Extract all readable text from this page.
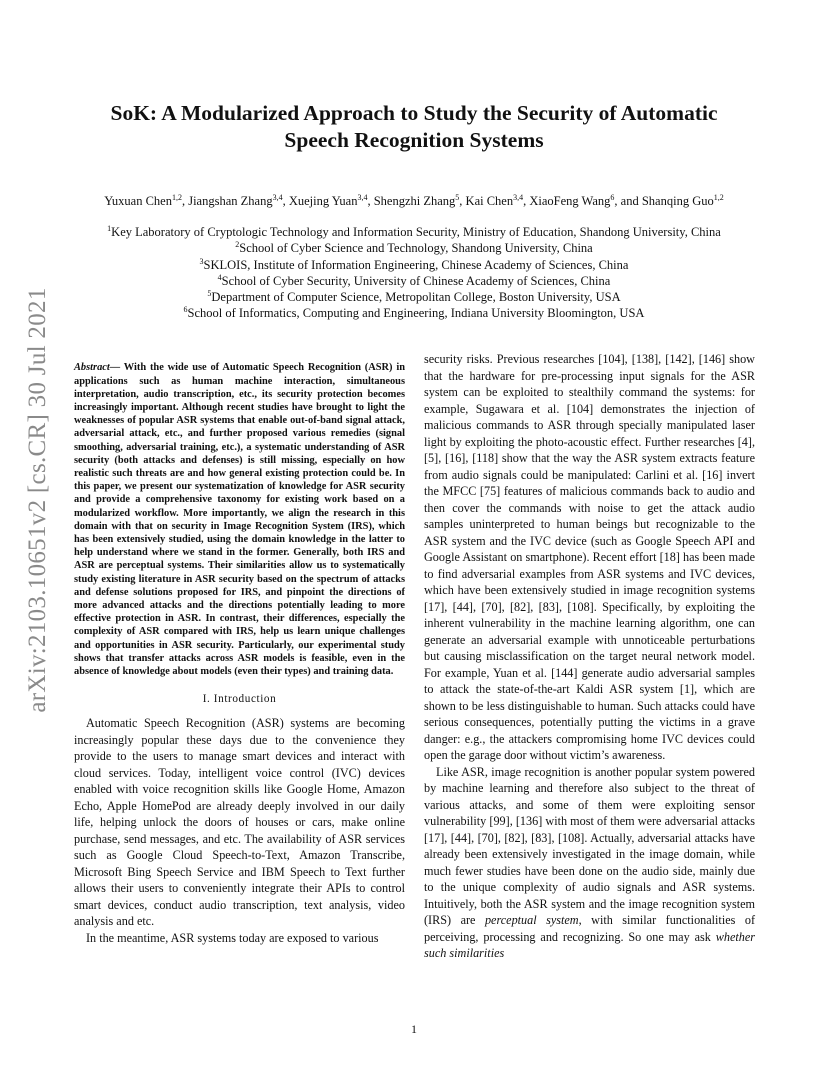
arXiv:2103.10651v2 [cs.CR] 30 Jul 2021
SoK: A Modularized Approach to Study the Security of Automatic
Speech Recognition Systems
Yuxuan Chen$^{1,2}$, Jiangshan Zhang$^{3,4}$, Xuejing Yuan$^{3,4}$, Shengzhi Zhang$^5$, Kai Chen$^{3,4}$, XiaoFeng Wang$^6$, and Shanqing Guo$^{1,2}$
$^1$Key Laboratory of Cryptologic Technology and Information Security, Ministry of Education, Shandong University, China
$^2$School of Cyber Science and Technology, Shandong University, China
$^3$SKLOIS, Institute of Information Engineering, Chinese Academy of Sciences, China
$^4$School of Cyber Security, University of Chinese Academy of Sciences, China
$^5$Department of Computer Science, Metropolitan College, Boston University, USA
$^6$School of Informatics, Computing and Engineering, Indiana University Bloomington, USA

Abstract— With the wide use of Automatic Speech Recognition (ASR) in applications such as human machine interaction, simultaneous interpretation, audio transcription, etc., its security protection becomes increasingly important. Although recent studies have brought to light the weaknesses of popular ASR systems that enable out-of-band signal attack, adversarial attack, etc., and further proposed various remedies (signal smoothing, adversarial training, etc.), a systematic understanding of ASR security (both attacks and defenses) is still missing, especially on how realistic such threats are and how general existing protection could be. In this paper, we present our systematization of knowledge for ASR security and provide a comprehensive taxonomy for existing work based on a modularized workflow. More importantly, we align the research in this domain with that on security in Image Recognition System (IRS), which has been extensively studied, using the domain knowledge in the latter to help understand where we stand in the former. Generally, both IRS and ASR are perceptual systems. Their similarities allow us to systematically study existing literature in ASR security based on the spectrum of attacks and defense solutions proposed for IRS, and pinpoint the directions of more advanced attacks and the directions potentially leading to more effective protection in ASR. In contrast, their differences, especially the complexity of ASR compared with IRS, help us learn unique challenges and opportunities in ASR security. Particularly, our experimental study shows that transfer attacks across ASR models is feasible, even in the absence of knowledge about models (even their types) and training data.

I. Introduction

Automatic Speech Recognition (ASR) systems are becoming increasingly popular these days due to the convenience they provide to the users to manage smart devices and interact with cloud services. Today, intelligent voice control (IVC) devices enabled with voice recognition skills like Google Home, Amazon Echo, Apple HomePod are already deeply involved in our daily life, helping unlock the doors of houses or cars, make online purchase, send messages, and etc. The availability of ASR services such as Google Cloud Speech-to-Text, Amazon Transcribe, Microsoft Bing Speech Service and IBM Speech to Text further allows their users to conveniently integrate their APIs to control smart devices, conduct audio transcription, text analysis, video analysis and etc.

In the meantime, ASR systems today are exposed to various

security risks. Previous researches [104], [138], [142], [146] show that the hardware for pre-processing input signals for the ASR system can be exploited to stealthily command the systems: for example, Sugawara et al. [104] demonstrates the injection of malicious commands to ASR through specially manipulated laser light by exploiting the photo-acoustic effect. Further researches [4], [5], [16], [118] show that the way the ASR system extracts feature from audio signals could be manipulated: Carlini et al. [16] invert the MFCC [75] features of malicious commands back to audio and then cover the commands with noise to get the attack audio samples uninterpreted to human beings but recognizable to the ASR system and the IVC device (such as Google Speech API and Google Assistant on smartphone). Recent effort [18] has been made to find adversarial examples from ASR systems and IVC devices, which have been extensively studied in image recognition systems [17], [44], [70], [82], [83], [108]. Specifically, by exploiting the inherent vulnerability in the machine learning algorithm, one can generate an adversarial example with unnoticeable perturbations but causing misclassification on the target neural network model. For example, Yuan et al. [144] generate audio adversarial samples to attack the state-of-the-art Kaldi ASR system [1], which are shown to be less distinguishable to human. Such attacks could have serious consequences, potentially putting the victims in a grave danger: e.g., the attackers compromising home IVC devices could open the garage door without victim’s awareness.

Like ASR, image recognition is another popular system powered by machine learning and therefore also subject to the threat of various attacks, and some of them were exploiting sensor vulnerability [99], [136] with most of them were adversarial attacks [17], [44], [70], [82], [83], [108]. Actually, adversarial attacks have already been extensively investigated in the image domain, while much fewer studies have been done on the audio side, mainly due to the unique complexity of audio signals and ASR systems. Intuitively, both the ASR system and the image recognition system (IRS) are perceptual system, with similar functionalities of perceiving, processing and recognizing. So one may ask whether such similarities

1
